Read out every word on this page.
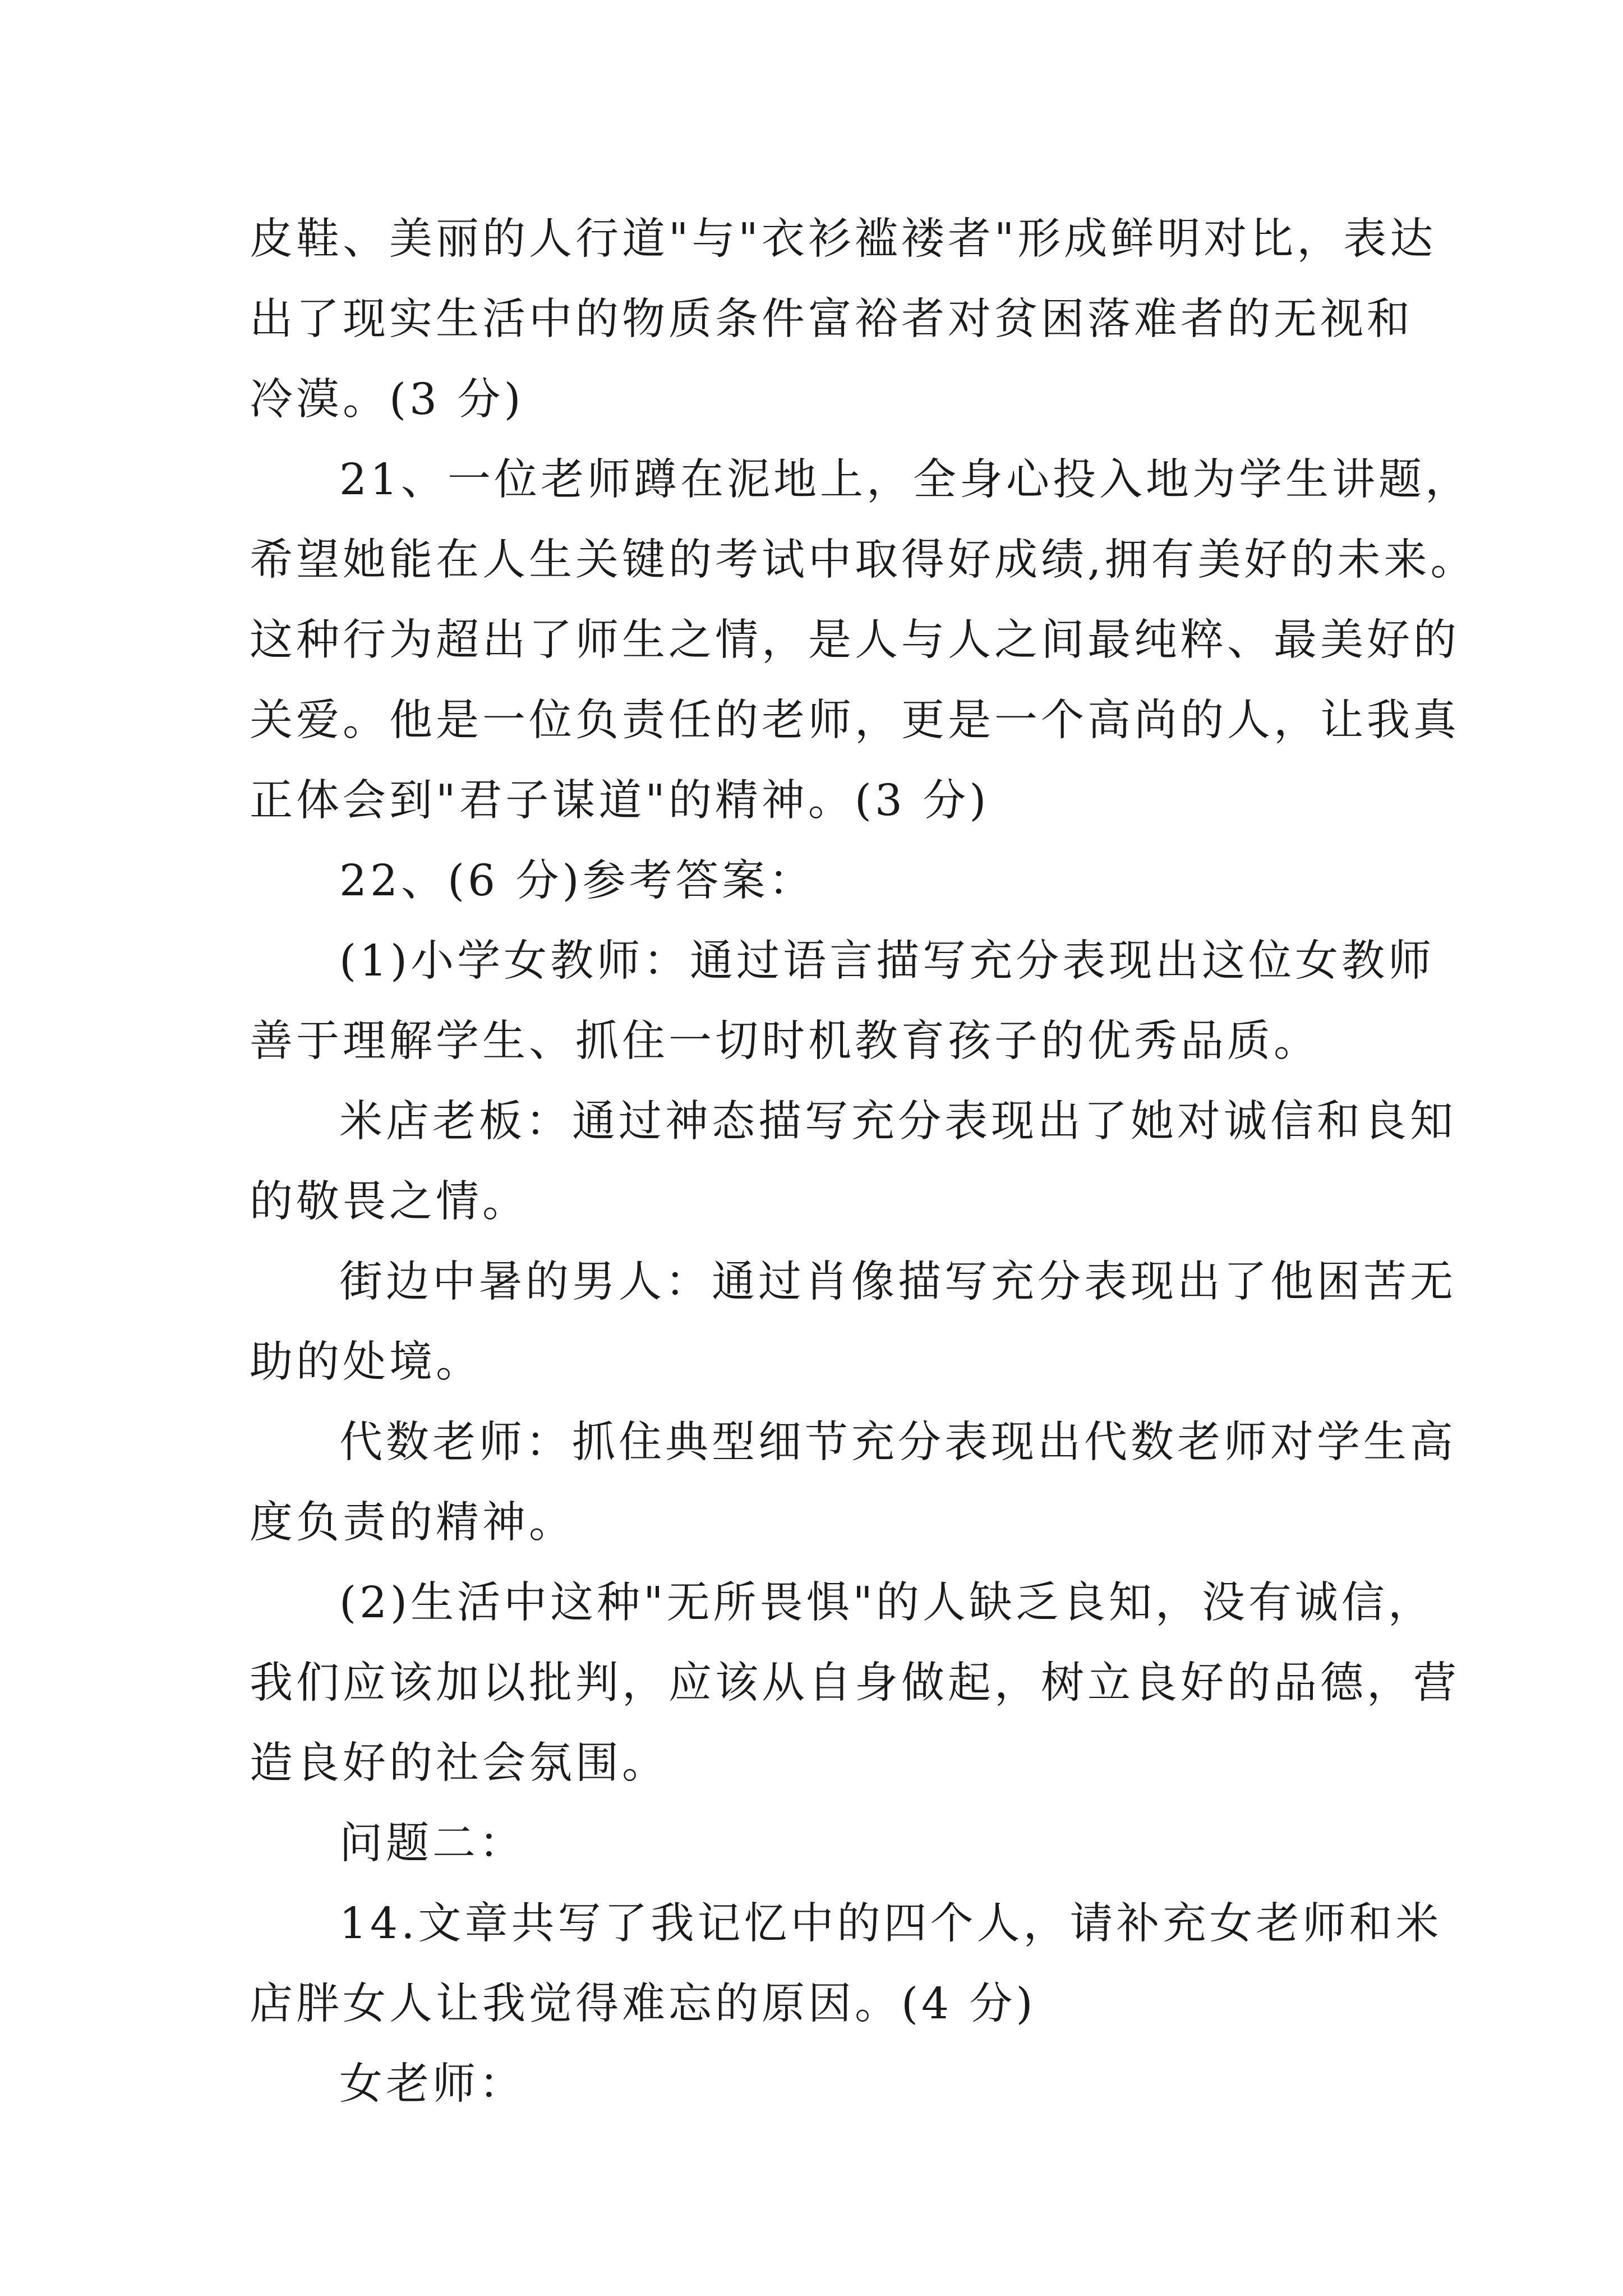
皮鞋、美丽的人行道"与"衣衫褴褛者"形成鲜明对比，表达
出了现实生活中的物质条件富裕者对贫困落难者的无视和
冷漠。(3 分)

21、一位老师蹲在泥地上，全身心投入地为学生讲题，
希望她能在人生关键的考试中取得好成绩,拥有美好的未来。
这种行为超出了师生之情，是人与人之间最纯粹、最美好的
关爱。他是一位负责任的老师，更是一个高尚的人，让我真
正体会到"君子谋道"的精神。(3 分)

22、(6 分)参考答案：

(1)小学女教师：通过语言描写充分表现出这位女教师
善于理解学生、抓住一切时机教育孩子的优秀品质。

米店老板：通过神态描写充分表现出了她对诚信和良知
的敬畏之情。

街边中暑的男人：通过肖像描写充分表现出了他困苦无
助的处境。

代数老师：抓住典型细节充分表现出代数老师对学生高
度负责的精神。

(2)生活中这种"无所畏惧"的人缺乏良知，没有诚信，
我们应该加以批判，应该从自身做起，树立良好的品德，营
造良好的社会氛围。

问题二：

14.文章共写了我记忆中的四个人，请补充女老师和米
店胖女人让我觉得难忘的原因。(4 分)

女老师：
